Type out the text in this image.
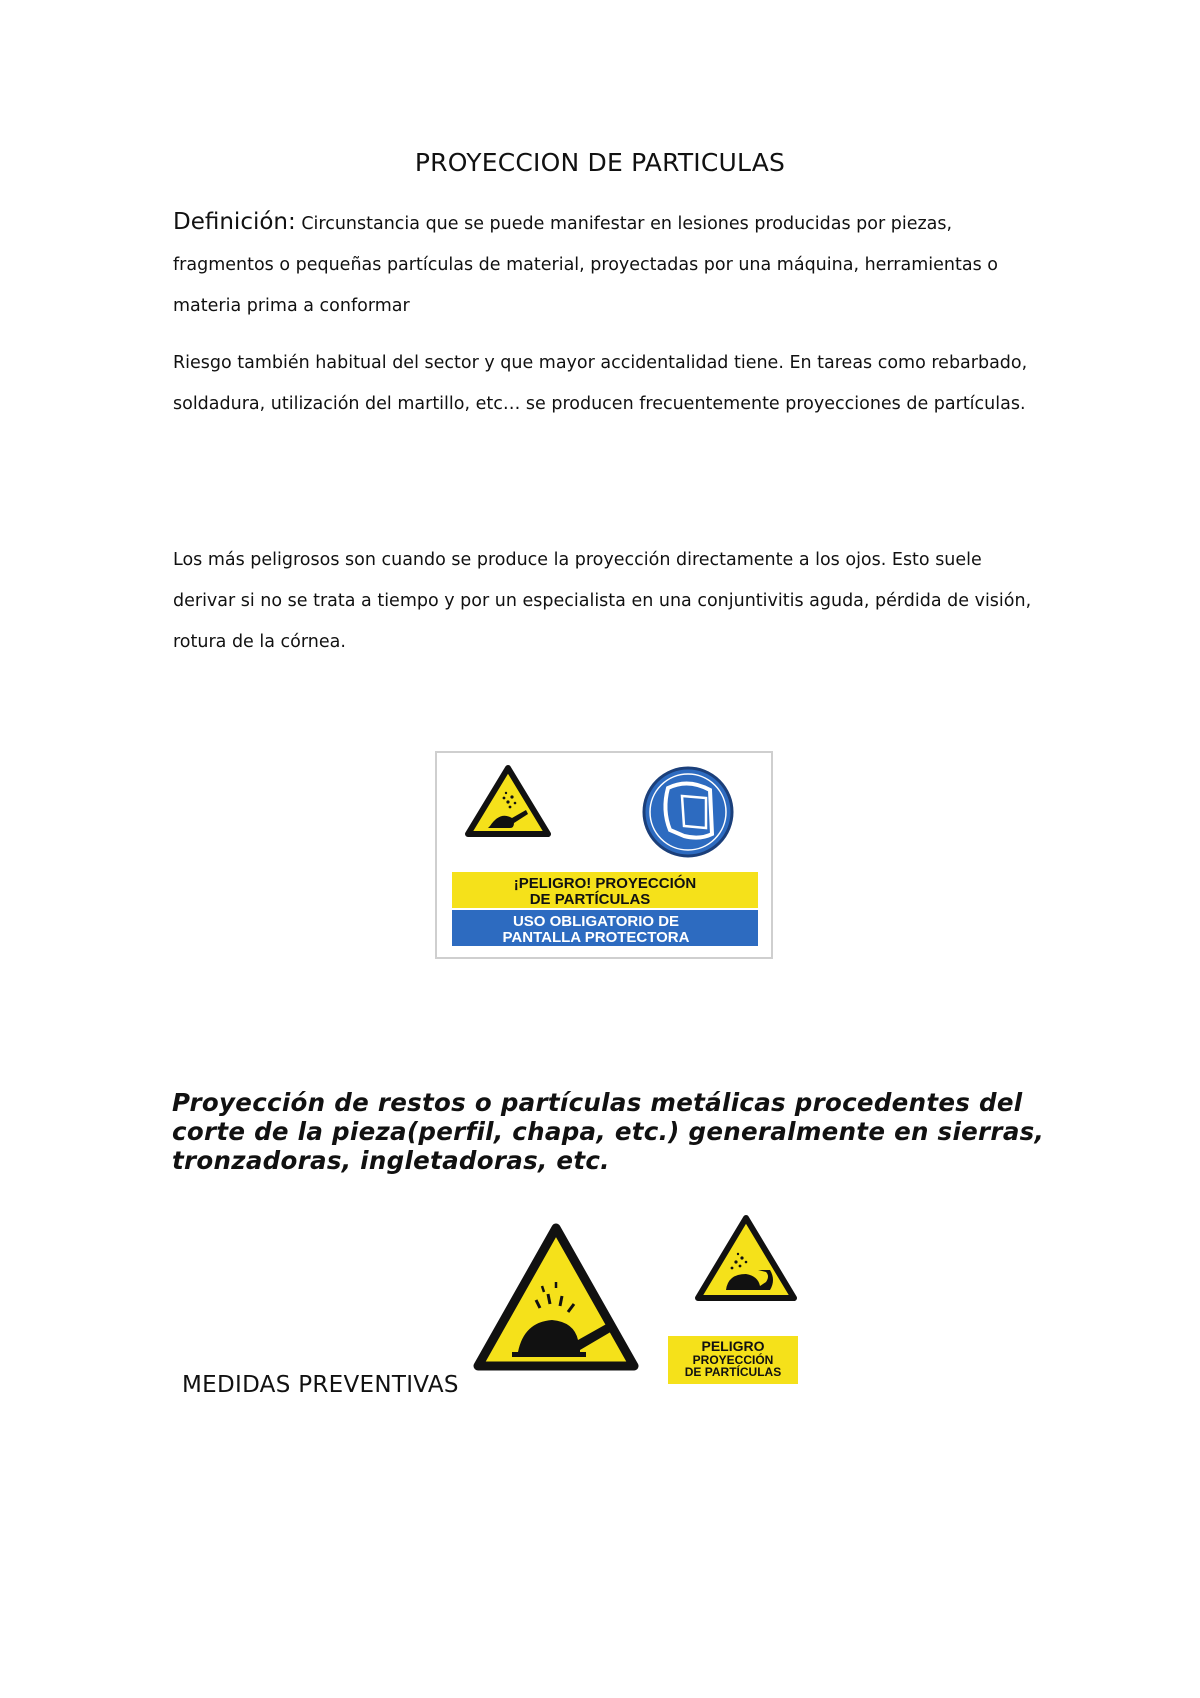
PROYECCION DE PARTICULAS

Definición: Circunstancia que se puede manifestar en lesiones producidas por piezas, fragmentos o pequeñas partículas de material, proyectadas por una máquina, herramientas o materia prima a conformar

Riesgo también habitual del sector y que mayor accidentalidad tiene. En tareas como rebarbado, soldadura, utilización del martillo, etc… se producen frecuentemente proyecciones de partículas.

Los más peligrosos son cuando se produce la proyección directamente a los ojos. Esto suele derivar si no se trata a tiempo y por un especialista en una conjuntivitis aguda, pérdida de visión, rotura de la córnea.

¡PELIGRO! PROYECCIÓN
DE PARTÍCULAS
USO OBLIGATORIO DE
PANTALLA PROTECTORA

Proyección de restos o partículas metálicas procedentes del corte de la pieza(perfil, chapa, etc.) generalmente en sierras, tronzadoras, ingletadoras, etc.

PELIGRO
PROYECCIÓN
DE PARTÍCULAS
MEDIDAS PREVENTIVAS
